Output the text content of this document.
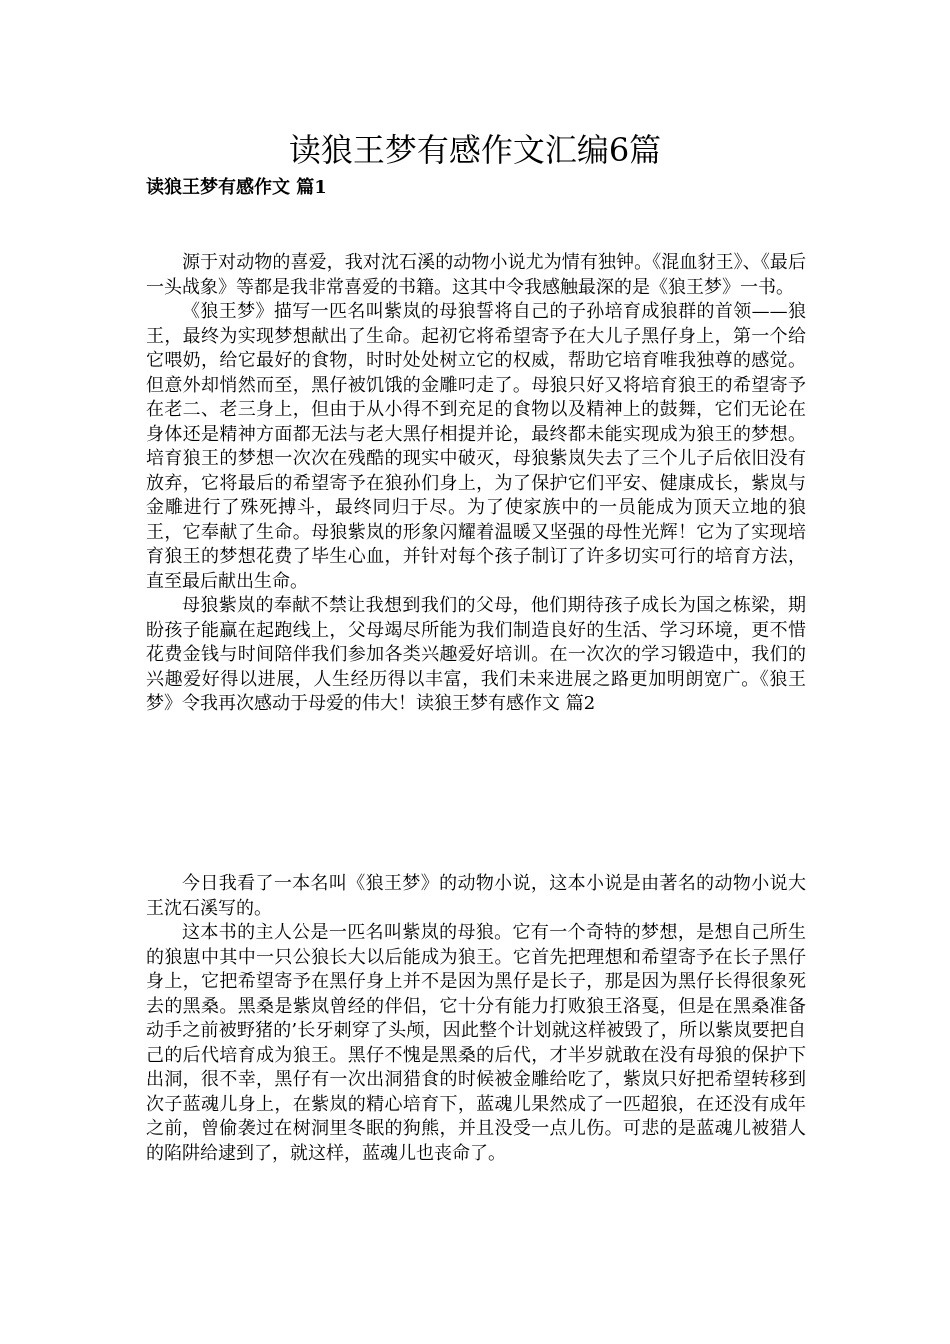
读狼王梦有感作文汇编6篇
读狼王梦有感作文 篇1

源于对动物的喜爱，我对沈石溪的动物小说尤为情有独钟。《混血豺王》、《最后一头战象》等都是我非常喜爱的书籍。这其中令我感触最深的是《狼王梦》一书。

《狼王梦》描写一匹名叫紫岚的母狼誓将自己的子孙培育成狼群的首领——狼王，最终为实现梦想献出了生命。起初它将希望寄予在大儿子黑仔身上，第一个给它喂奶，给它最好的食物，时时处处树立它的权威，帮助它培育唯我独尊的感觉。但意外却悄然而至，黑仔被饥饿的金雕叼走了。母狼只好又将培育狼王的希望寄予在老二、老三身上，但由于从小得不到充足的食物以及精神上的鼓舞，它们无论在身体还是精神方面都无法与老大黑仔相提并论，最终都未能实现成为狼王的梦想。培育狼王的梦想一次次在残酷的现实中破灭，母狼紫岚失去了三个儿子后依旧没有放弃，它将最后的希望寄予在狼孙们身上，为了保护它们平安、健康成长，紫岚与金雕进行了殊死搏斗，最终同归于尽。为了使家族中的一员能成为顶天立地的狼王，它奉献了生命。母狼紫岚的形象闪耀着温暖又坚强的母性光辉！它为了实现培育狼王的梦想花费了毕生心血，并针对每个孩子制订了许多切实可行的培育方法，直至最后献出生命。

母狼紫岚的奉献不禁让我想到我们的父母，他们期待孩子成长为国之栋梁，期盼孩子能赢在起跑线上，父母竭尽所能为我们制造良好的生活、学习环境，更不惜花费金钱与时间陪伴我们参加各类兴趣爱好培训。在一次次的学习锻造中，我们的兴趣爱好得以进展，人生经历得以丰富，我们未来进展之路更加明朗宽广。《狼王梦》令我再次感动于母爱的伟大！读狼王梦有感作文 篇2

今日我看了一本名叫《狼王梦》的动物小说，这本小说是由著名的动物小说大王沈石溪写的。

这本书的主人公是一匹名叫紫岚的母狼。它有一个奇特的梦想，是想自己所生的狼崽中其中一只公狼长大以后能成为狼王。它首先把理想和希望寄予在长子黑仔身上，它把希望寄予在黑仔身上并不是因为黑仔是长子，那是因为黑仔长得很象死去的黑桑。黑桑是紫岚曾经的伴侣，它十分有能力打败狼王洛戛，但是在黑桑准备动手之前被野猪的’长牙刺穿了头颅，因此整个计划就这样被毁了，所以紫岚要把自己的后代培育成为狼王。黑仔不愧是黑桑的后代，才半岁就敢在没有母狼的保护下出洞，很不幸，黑仔有一次出洞猎食的时候被金雕给吃了，紫岚只好把希望转移到次子蓝魂儿身上，在紫岚的精心培育下，蓝魂儿果然成了一匹超狼，在还没有成年之前，曾偷袭过在树洞里冬眠的狗熊，并且没受一点儿伤。可悲的是蓝魂儿被猎人的陷阱给逮到了，就这样，蓝魂儿也丧命了。
